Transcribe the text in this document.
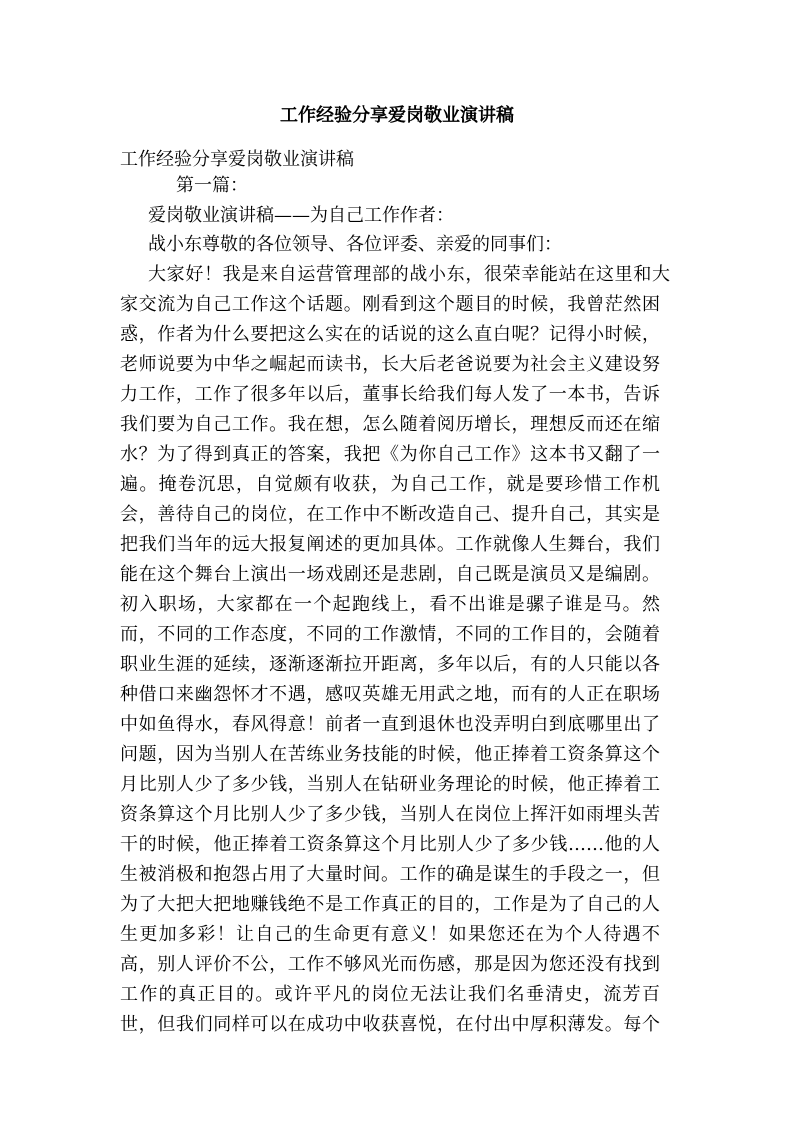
工作经验分享爱岗敬业演讲稿
工作经验分享爱岗敬业演讲稿
第一篇：
爱岗敬业演讲稿——为自己工作作者：
战小东尊敬的各位领导、各位评委、亲爱的同事们：
大家好！我是来自运营管理部的战小东，很荣幸能站在这里和大
家交流为自己工作这个话题。刚看到这个题目的时候，我曾茫然困
惑，作者为什么要把这么实在的话说的这么直白呢？记得小时候，
老师说要为中华之崛起而读书，长大后老爸说要为社会主义建设努
力工作，工作了很多年以后，董事长给我们每人发了一本书，告诉
我们要为自己工作。我在想，怎么随着阅历增长，理想反而还在缩
水？为了得到真正的答案，我把《为你自己工作》这本书又翻了一
遍。掩卷沉思，自觉颇有收获，为自己工作，就是要珍惜工作机
会，善待自己的岗位，在工作中不断改造自己、提升自己，其实是
把我们当年的远大报复阐述的更加具体。工作就像人生舞台，我们
能在这个舞台上演出一场戏剧还是悲剧，自己既是演员又是编剧。
初入职场，大家都在一个起跑线上，看不出谁是骡子谁是马。然
而，不同的工作态度，不同的工作激情，不同的工作目的，会随着
职业生涯的延续，逐渐逐渐拉开距离，多年以后，有的人只能以各
种借口来幽怨怀才不遇，感叹英雄无用武之地，而有的人正在职场
中如鱼得水，春风得意！前者一直到退休也没弄明白到底哪里出了
问题，因为当别人在苦练业务技能的时候，他正捧着工资条算这个
月比别人少了多少钱，当别人在钻研业务理论的时候，他正捧着工
资条算这个月比别人少了多少钱，当别人在岗位上挥汗如雨埋头苦
干的时候，他正捧着工资条算这个月比别人少了多少钱……他的人
生被消极和抱怨占用了大量时间。工作的确是谋生的手段之一，但
为了大把大把地赚钱绝不是工作真正的目的，工作是为了自己的人
生更加多彩！让自己的生命更有意义！如果您还在为个人待遇不
高，别人评价不公，工作不够风光而伤感，那是因为您还没有找到
工作的真正目的。或许平凡的岗位无法让我们名垂清史，流芳百
世，但我们同样可以在成功中收获喜悦，在付出中厚积薄发。每个
